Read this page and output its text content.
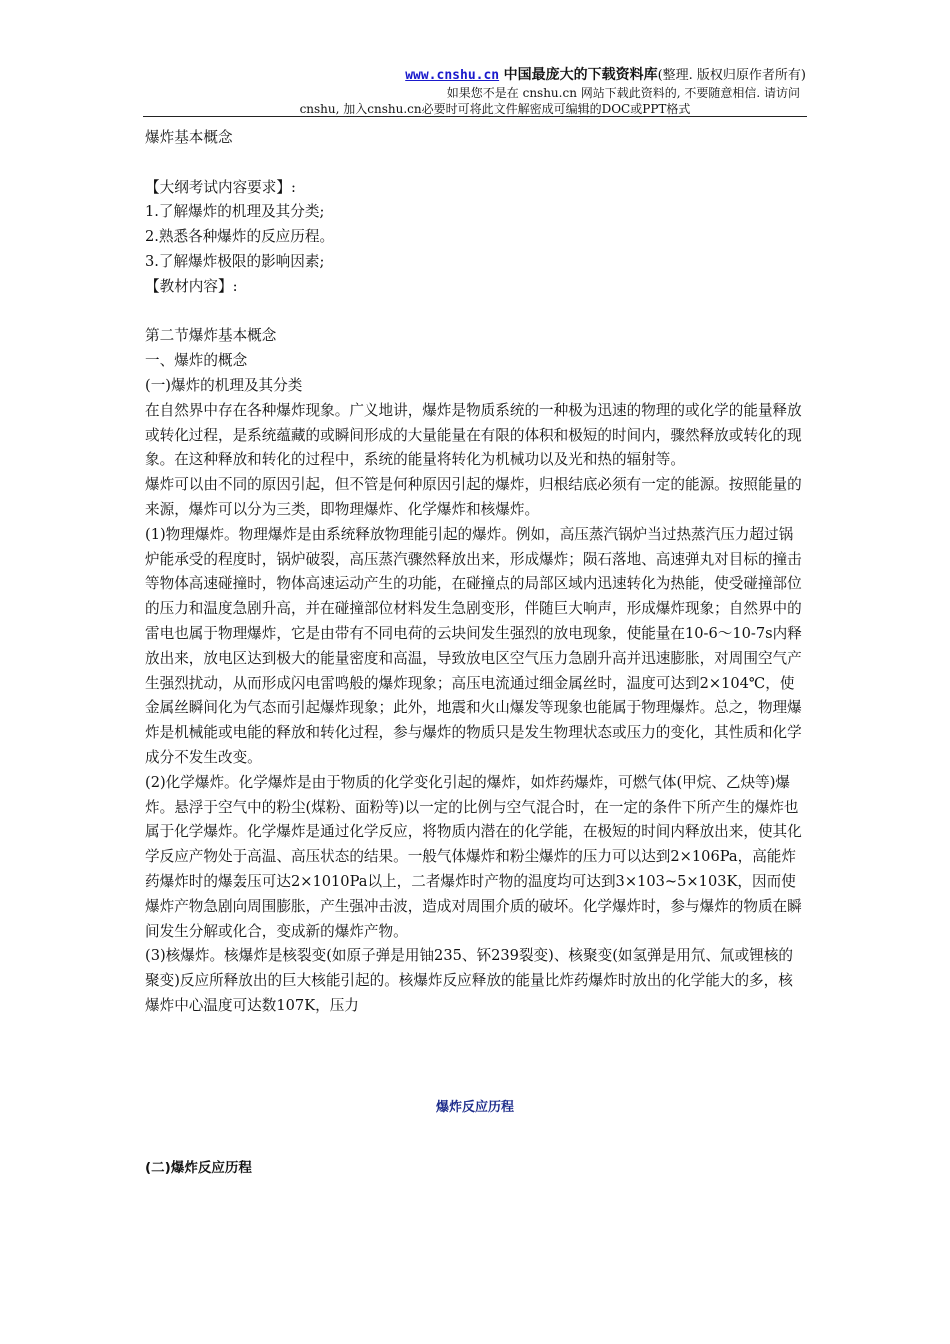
www.cnshu.cn 中国最庞大的下载资料库(整理. 版权归原作者所有)
如果您不是在 cnshu.cn 网站下载此资料的, 不要随意相信. 请访问
cnshu, 加入cnshu.cn必要时可将此文件解密成可编辑的DOC或PPT格式

爆炸基本概念

【大纲考试内容要求】:

1.了解爆炸的机理及其分类;

2.熟悉各种爆炸的反应历程。

3.了解爆炸极限的影响因素;

【教材内容】:

第二节爆炸基本概念

一、爆炸的概念

(一)爆炸的机理及其分类

在自然界中存在各种爆炸现象。广义地讲，爆炸是物质系统的一种极为迅速的物理的或化学的能量释放或转化过程，是系统蕴藏的或瞬间形成的大量能量在有限的体积和极短的时间内，骤然释放或转化的现象。在这种释放和转化的过程中，系统的能量将转化为机械功以及光和热的辐射等。

爆炸可以由不同的原因引起，但不管是何种原因引起的爆炸，归根结底必须有一定的能源。按照能量的来源，爆炸可以分为三类，即物理爆炸、化学爆炸和核爆炸。

(1)物理爆炸。物理爆炸是由系统释放物理能引起的爆炸。例如，高压蒸汽锅炉当过热蒸汽压力超过锅炉能承受的程度时，锅炉破裂，高压蒸汽骤然释放出来，形成爆炸；陨石落地、高速弹丸对目标的撞击等物体高速碰撞时，物体高速运动产生的功能，在碰撞点的局部区域内迅速转化为热能，使受碰撞部位的压力和温度急剧升高，并在碰撞部位材料发生急剧变形，伴随巨大响声，形成爆炸现象；自然界中的雷电也属于物理爆炸，它是由带有不同电荷的云块间发生强烈的放电现象，使能量在10-6～10-7s内释放出来，放电区达到极大的能量密度和高温，导致放电区空气压力急剧升高并迅速膨胀，对周围空气产生强烈扰动，从而形成闪电雷鸣般的爆炸现象；高压电流通过细金属丝时，温度可达到2×104℃，使金属丝瞬间化为气态而引起爆炸现象；此外，地震和火山爆发等现象也能属于物理爆炸。总之，物理爆炸是机械能或电能的释放和转化过程，参与爆炸的物质只是发生物理状态或压力的变化，其性质和化学成分不发生改变。

(2)化学爆炸。化学爆炸是由于物质的化学变化引起的爆炸，如炸药爆炸，可燃气体(甲烷、乙炔等)爆炸。悬浮于空气中的粉尘(煤粉、面粉等)以一定的比例与空气混合时，在一定的条件下所产生的爆炸也属于化学爆炸。化学爆炸是通过化学反应，将物质内潜在的化学能，在极短的时间内释放出来，使其化学反应产物处于高温、高压状态的结果。一般气体爆炸和粉尘爆炸的压力可以达到2×106Pa，高能炸药爆炸时的爆轰压可达2×1010Pa以上，二者爆炸时产物的温度均可达到3×103~5×103K，因而使爆炸产物急剧向周围膨胀，产生强冲击波，造成对周围介质的破坏。化学爆炸时，参与爆炸的物质在瞬间发生分解或化合，变成新的爆炸产物。

(3)核爆炸。核爆炸是核裂变(如原子弹是用铀235、钚239裂变)、核聚变(如氢弹是用氘、氚或锂核的聚变)反应所释放出的巨大核能引起的。核爆炸反应释放的能量比炸药爆炸时放出的化学能大的多，核爆炸中心温度可达数107K，压力

爆炸反应历程
(二)爆炸反应历程
